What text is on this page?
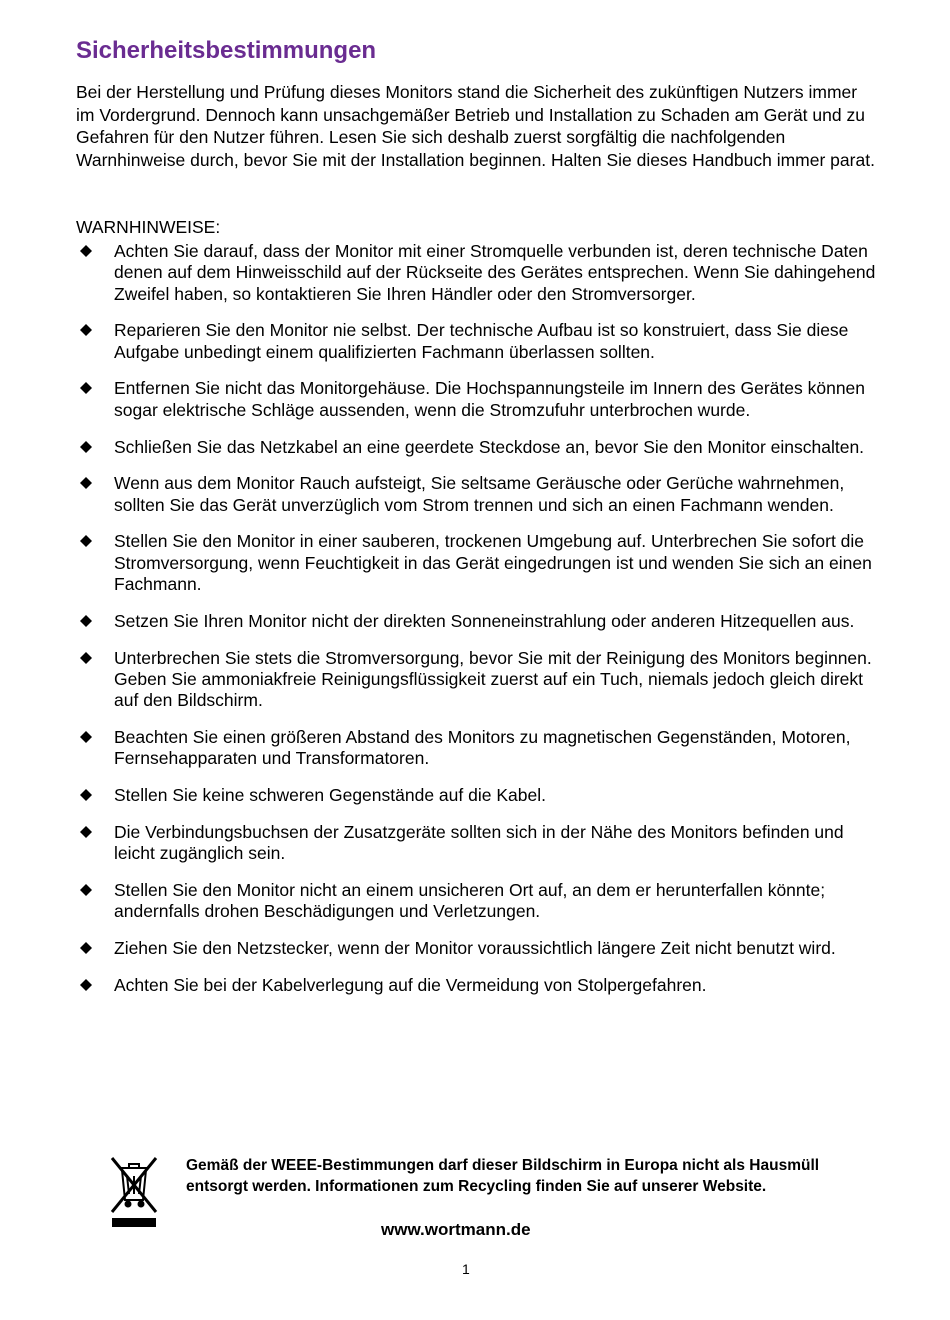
Sicherheitsbestimmungen

Bei der Herstellung und Prüfung dieses Monitors stand die Sicherheit des zukünftigen Nutzers immer im Vordergrund. Dennoch kann unsachgemäßer Betrieb und Installation zu Schaden am Gerät und zu Gefahren für den Nutzer führen. Lesen Sie sich deshalb zuerst sorgfältig die nachfolgenden Warnhinweise durch, bevor Sie mit der Installation beginnen. Halten Sie dieses Handbuch immer parat.

WARNHINWEISE:
Achten Sie darauf, dass der Monitor mit einer Stromquelle verbunden ist, deren technische Daten denen auf dem Hinweisschild auf der Rückseite des Gerätes entsprechen. Wenn Sie dahingehend Zweifel haben, so kontaktieren Sie Ihren Händler oder den Stromversorger.
Reparieren Sie den Monitor nie selbst. Der technische Aufbau ist so konstruiert, dass Sie diese Aufgabe unbedingt einem qualifizierten Fachmann überlassen sollten.
Entfernen Sie nicht das Monitorgehäuse. Die Hochspannungsteile im Innern des Gerätes können sogar elektrische Schläge aussenden, wenn die Stromzufuhr unterbrochen wurde.
Schließen Sie das Netzkabel an eine geerdete Steckdose an, bevor Sie den Monitor einschalten.
Wenn aus dem Monitor Rauch aufsteigt, Sie seltsame Geräusche oder Gerüche wahrnehmen, sollten Sie das Gerät unverzüglich vom Strom trennen und sich an einen Fachmann wenden.
Stellen Sie den Monitor in einer sauberen, trockenen Umgebung auf. Unterbrechen Sie sofort die Stromversorgung, wenn Feuchtigkeit in das Gerät eingedrungen ist und wenden Sie sich an einen Fachmann.
Setzen Sie Ihren Monitor nicht der direkten Sonneneinstrahlung oder anderen Hitzequellen aus.
Unterbrechen Sie stets die Stromversorgung, bevor Sie mit der Reinigung des Monitors beginnen. Geben Sie ammoniakfreie Reinigungsflüssigkeit zuerst auf ein Tuch, niemals jedoch gleich direkt auf den Bildschirm.
Beachten Sie einen größeren Abstand des Monitors zu magnetischen Gegenständen, Motoren, Fernsehapparaten und Transformatoren.
Stellen Sie keine schweren Gegenstände auf die Kabel.
Die Verbindungsbuchsen der Zusatzgeräte sollten sich in der Nähe des Monitors befinden und leicht zugänglich sein.
Stellen Sie den Monitor nicht an einem unsicheren Ort auf, an dem er herunterfallen könnte; andernfalls drohen Beschädigungen und Verletzungen.
Ziehen Sie den Netzstecker, wenn der Monitor voraussichtlich längere Zeit nicht benutzt wird.
Achten Sie bei der Kabelverlegung auf die Vermeidung von Stolpergefahren.

Gemäß der WEEE-Bestimmungen darf dieser Bildschirm in Europa nicht als Hausmüll entsorgt werden. Informationen zum Recycling finden Sie auf unserer Website.

www.wortmann.de
1
